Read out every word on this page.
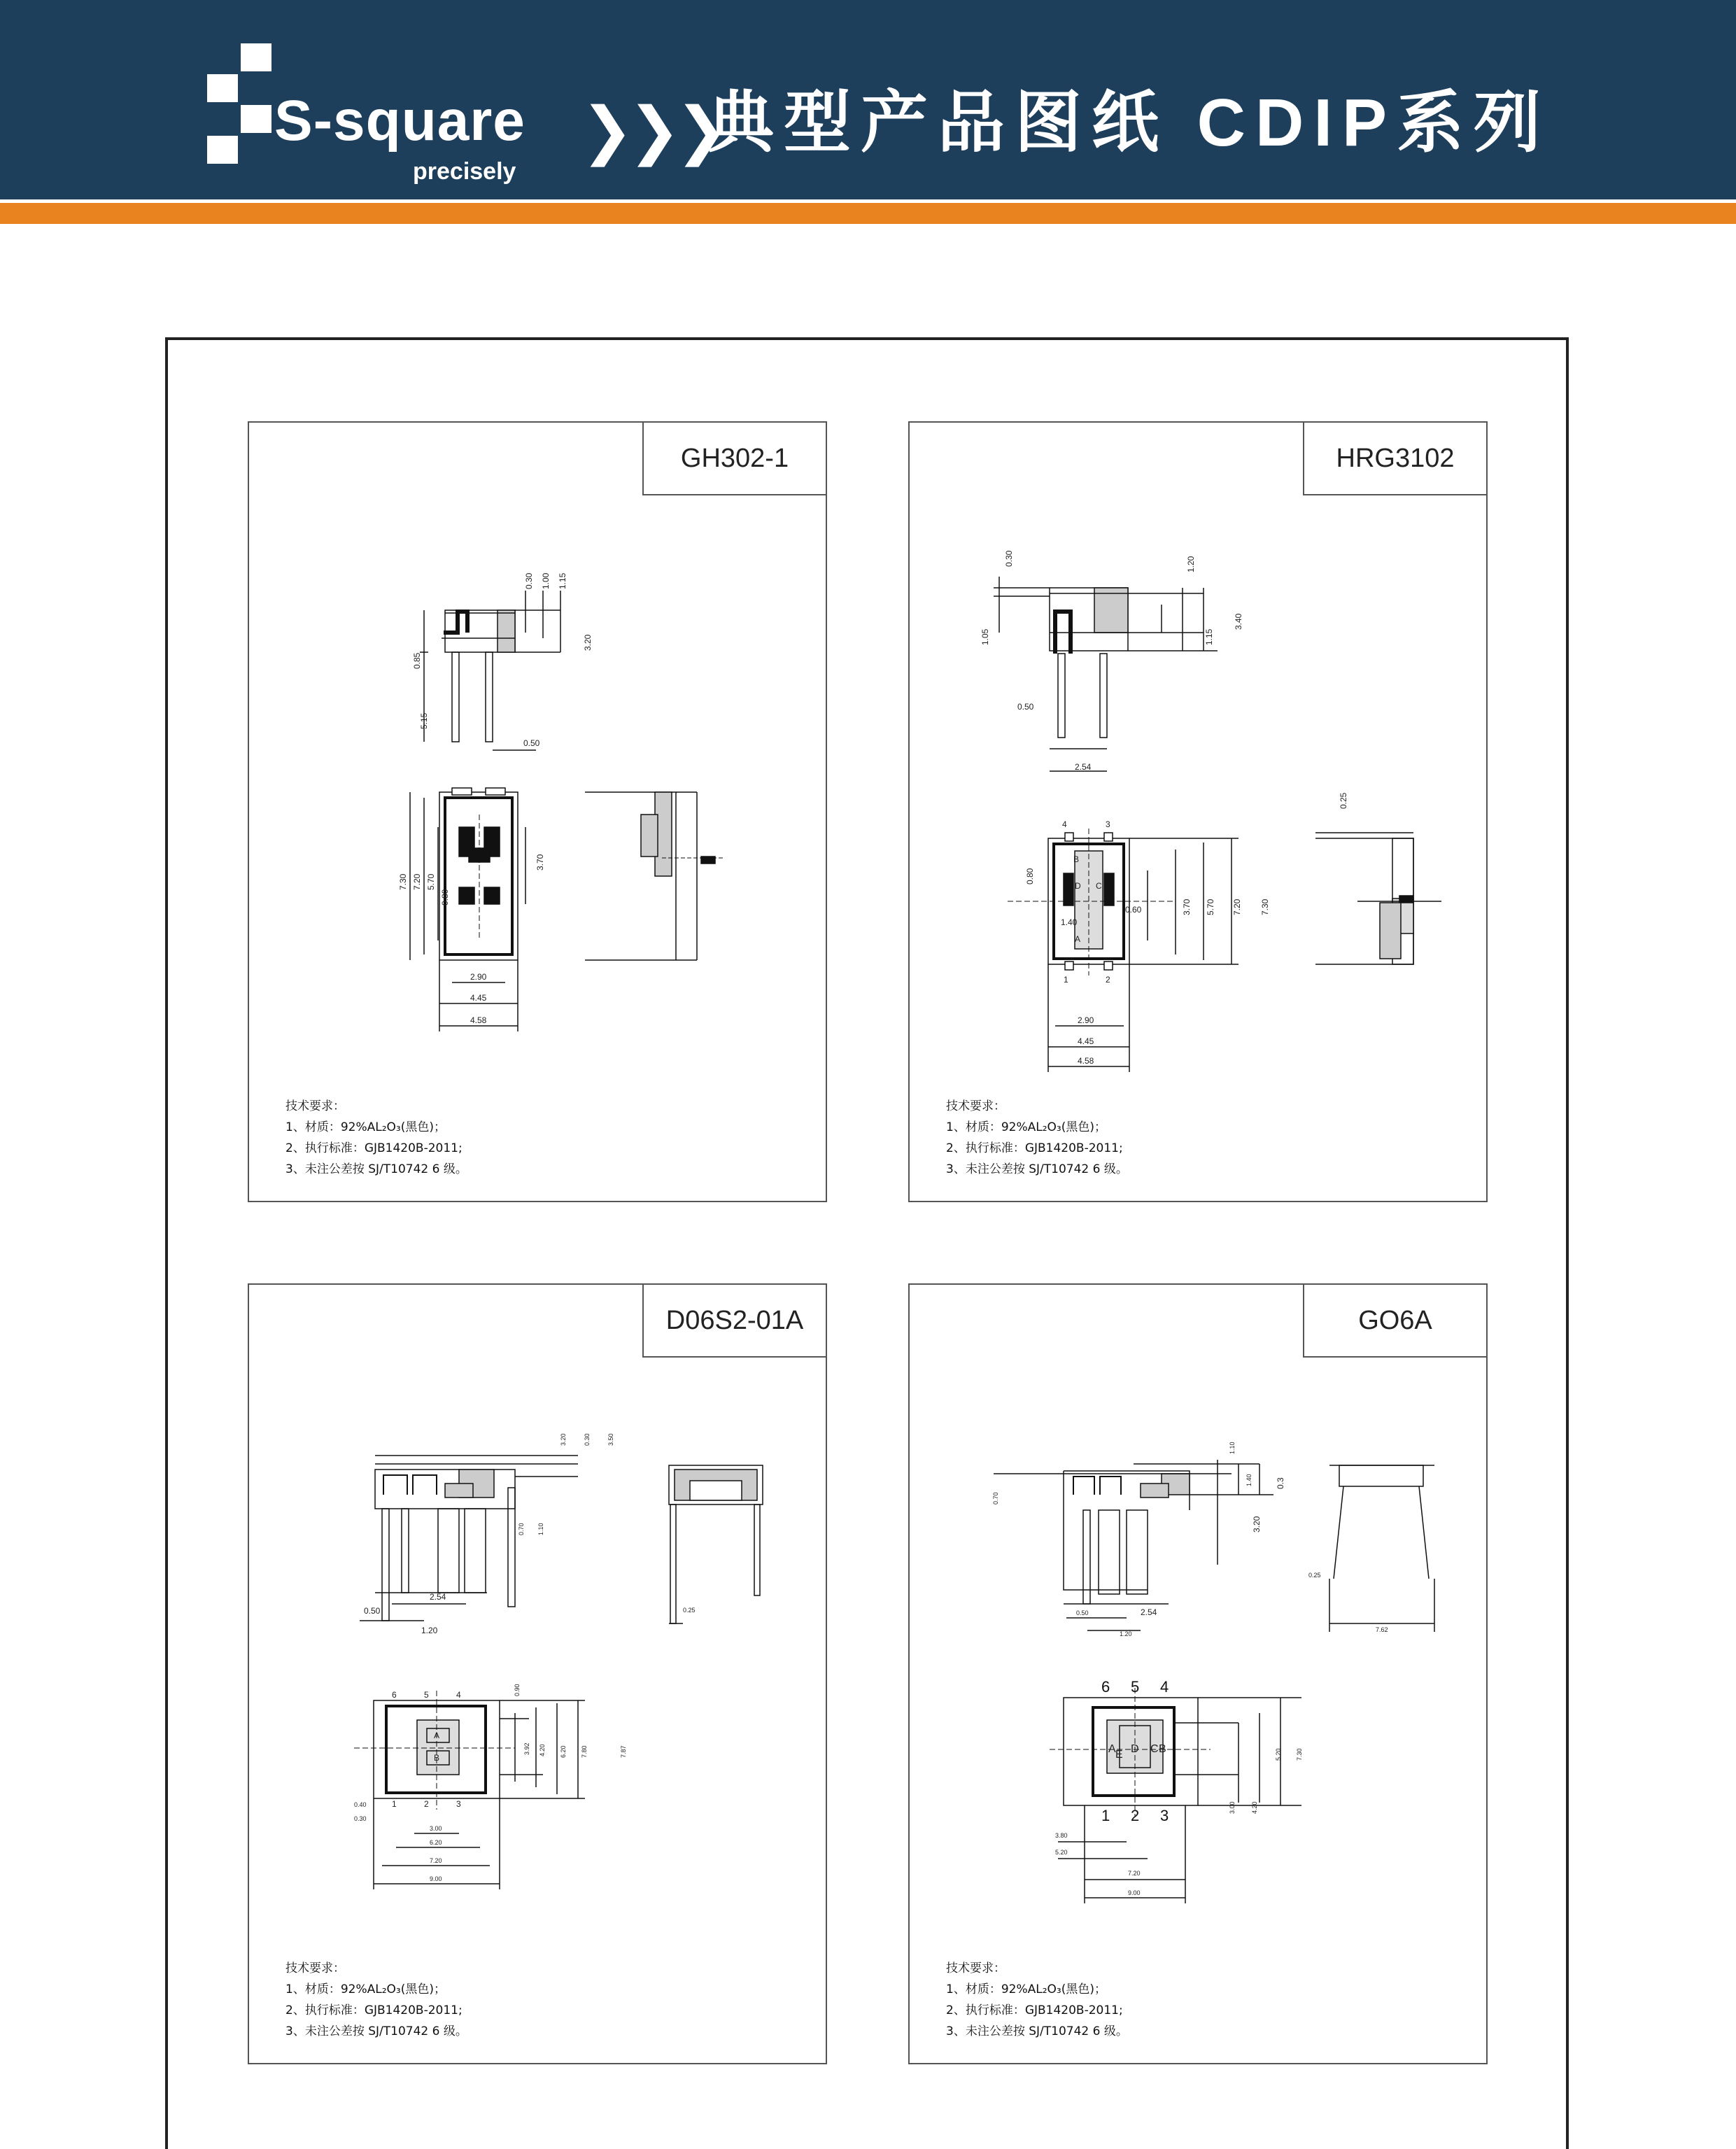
S-square
precisely
❯❯❯
典型产品图纸 CDIP系列
GH302-1
0.30 1.00 1.15
3.20
0.85
5.15
0.50
7.30 7.20 5.70
3.70
0.80
2.90
4.45
4.58
技术要求：
1、材质：92%AL₂O₃(黑色)；
2、执行标准：GJB1420B-2011;
3、未注公差按 SJ/T10742 6 级。
HRG3102
0.30	1.20
1.05	1.15
3.40
0.50
2.54
0.25
0.80
3.70 5.70 7.20 7.30
0.60
1.40
2.90
4.45
4.58
4	3
1	2
B
D C
A
技术要求：
1、材质：92%AL₂O₃(黑色)；
2、执行标准：GJB1420B-2011;
3、未注公差按 SJ/T10742 6 级。
D06S2-01A
3.20	0.30	3.50
0.70 1.10
0.50
2.54
1.20
0.25
0.90
3.92 4.20 6.20 7.80	7.87
0.40
0.30
3.00
6.20
7.20
9.00
6	5	4
1	2	3
A
B
技术要求：
1、材质：92%AL₂O₃(黑色)；
2、执行标准：GJB1420B-2011;
3、未注公差按 SJ/T10742 6 级。
GO6A
1.10
0.70
1.40	0.3
3.20
0.50	2.54
1.20
0.25
7.62
5.20 7.30
3.00 4.20
3.80
5.20
7.20
9.00
6 5 4
1 2 3
A E D C B
技术要求：
1、材质：92%AL₂O₃(黑色)；
2、执行标准：GJB1420B-2011;
3、未注公差按 SJ/T10742 6 级。
